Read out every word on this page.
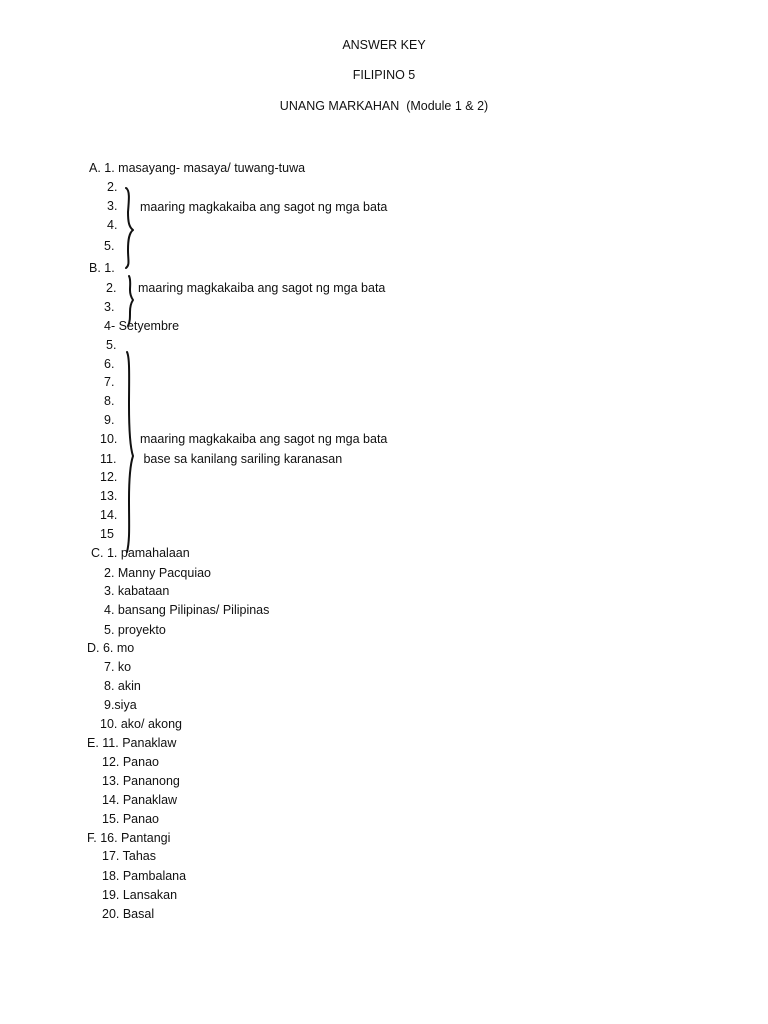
ANSWER KEY
FILIPINO 5
UNANG MARKAHAN  (Module 1 & 2)
A. 1. masayang- masaya/ tuwang-tuwa
2.
3.
4.
5.
maaring magkakaiba ang sagot ng mga bata
B. 1.
2.
3.
maaring magkakaiba ang sagot ng mga bata
4- Setyembre
5.
6.
7.
8.
9.
10.
11.
12.
13.
14.
15
maaring magkakaiba ang sagot ng mga bata
base sa kanilang sariling karanasan
C. 1. pamahalaan
2. Manny Pacquiao
3. kabataan
4. bansang Pilipinas/ Pilipinas
5. proyekto
D. 6. mo
7. ko
8. akin
9.siya
10. ako/ akong
E. 11. Panaklaw
12. Panao
13. Pananong
14. Panaklaw
15. Panao
F. 16. Pantangi
17. Tahas
18. Pambalana
19. Lansakan
20. Basal
